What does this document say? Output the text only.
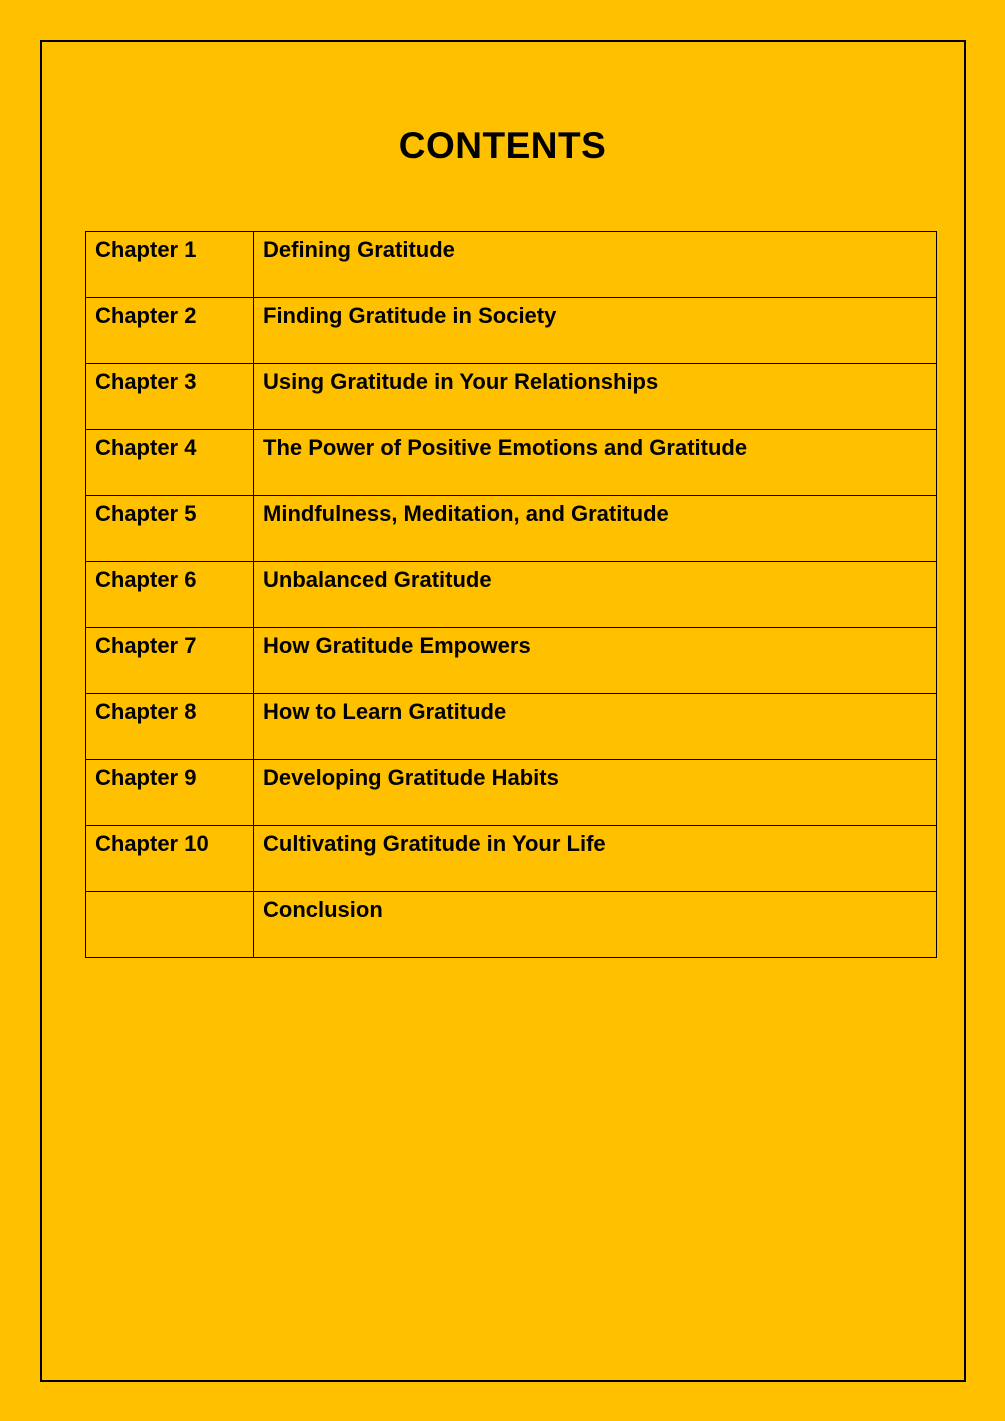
CONTENTS
Chapter 1	Defining Gratitude
Chapter 2	Finding Gratitude in Society
Chapter 3	Using Gratitude in Your Relationships
Chapter 4	The Power of Positive Emotions and Gratitude
Chapter 5	Mindfulness, Meditation, and Gratitude
Chapter 6	Unbalanced Gratitude
Chapter 7	How Gratitude Empowers
Chapter 8	How to Learn Gratitude
Chapter 9	Developing Gratitude Habits
Chapter 10	Cultivating Gratitude in Your Life
	Conclusion
